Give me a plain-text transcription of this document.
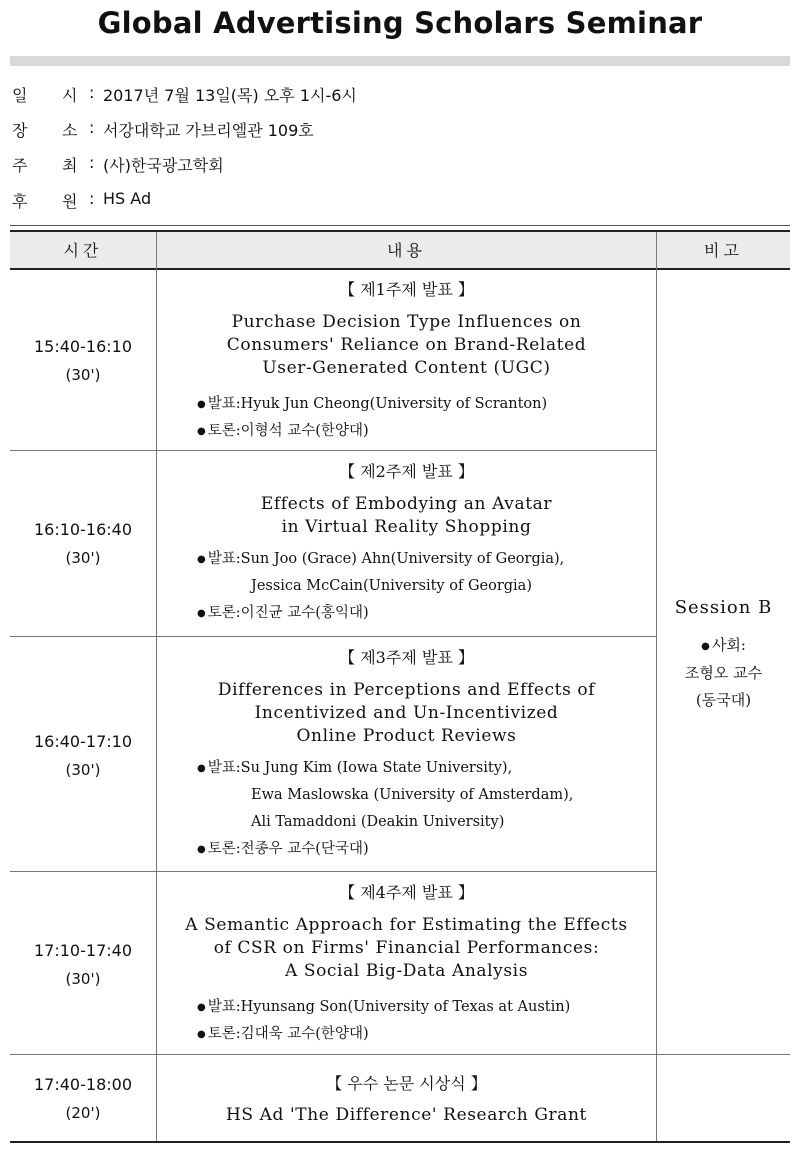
Global Advertising Scholars Seminar
일 시 : 2017년 7월 13일(목) 오후 1시-6시
장 소 : 서강대학교 가브리엘관 109호
주 최 : (사)한국광고학회
후 원 : HS Ad
시간	내용	비고
15:40-16:10
(30')
【 제1주제 발표 】
Purchase Decision Type Influences on
Consumers' Reliance on Brand-Related
User-Generated Content (UGC)
● 발표:Hyuk Jun Cheong(University of Scranton)
● 토론:이형석 교수(한양대)
16:10-16:40
(30')
【 제2주제 발표 】
Effects of Embodying an Avatar
in Virtual Reality Shopping
● 발표:Sun Joo (Grace) Ahn(University of Georgia),
Jessica McCain(University of Georgia)
● 토론:이진균 교수(홍익대)
16:40-17:10
(30')
【 제3주제 발표 】
Differences in Perceptions and Effects of
Incentivized and Un-Incentivized
Online Product Reviews
● 발표:Su Jung Kim (Iowa State University),
Ewa Maslowska (University of Amsterdam),
Ali Tamaddoni (Deakin University)
● 토론:전종우 교수(단국대)
17:10-17:40
(30')
【 제4주제 발표 】
A Semantic Approach for Estimating the Effects
of CSR on Firms' Financial Performances:
A Social Big-Data Analysis
● 발표:Hyunsang Son(University of Texas at Austin)
● 토론:김대욱 교수(한양대)
17:40-18:00
(20')
【 우수 논문 시상식 】
HS Ad 'The Difference' Research Grant
Session B
● 사회:
조형오 교수
(동국대)
